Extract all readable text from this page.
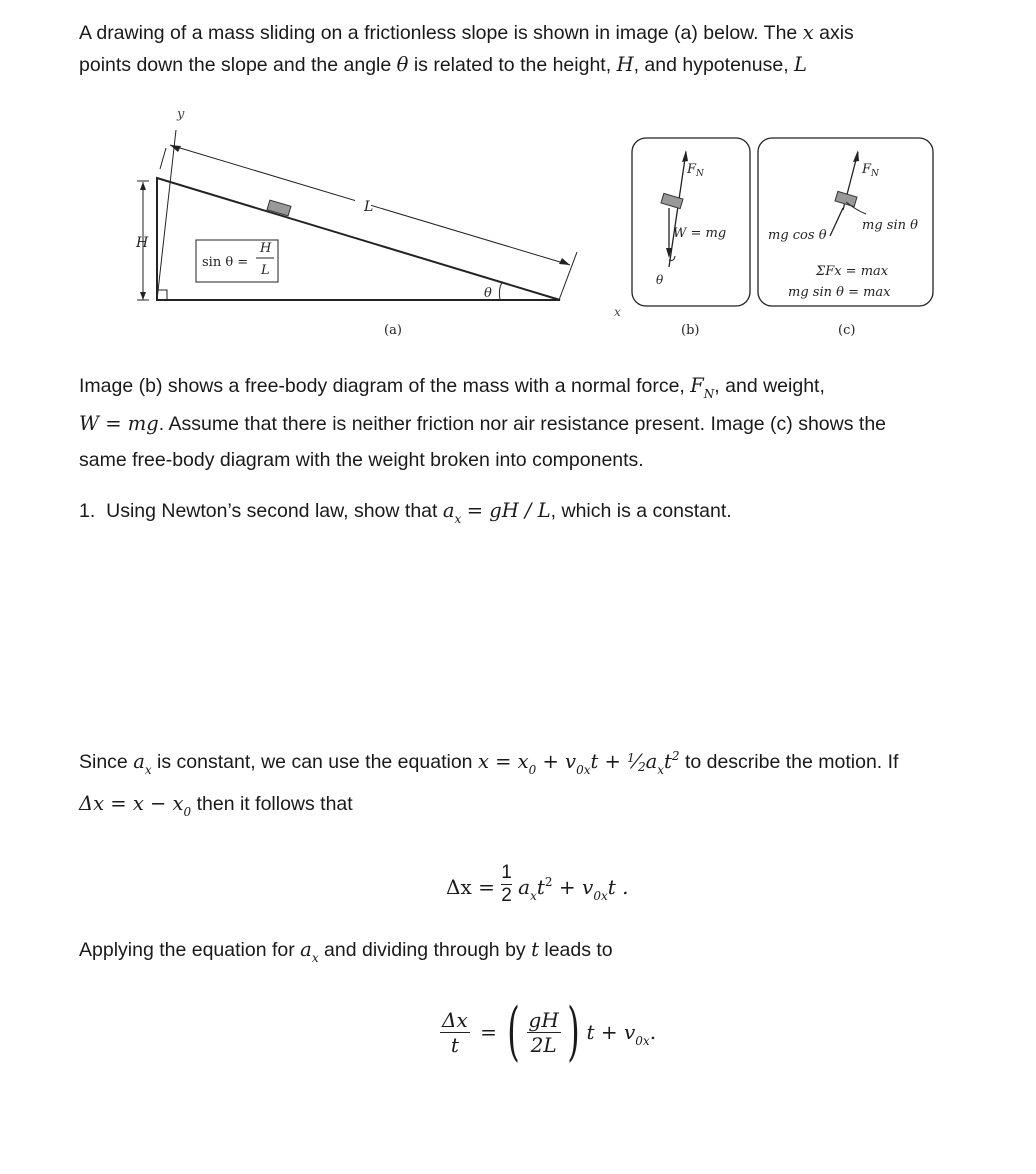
A drawing of a mass sliding on a frictionless slope is shown in image (a) below. The x axis
points down the slope and the angle θ is related to the height, H, and hypotenuse, L
y
L
H
sin θ =
H
L
θ
x
(a)
$F_N$
W = mg
θ
(b)
$F_N$
mg cos θ
mg sin θ
ΣFx = max
mg sin θ = max
(c)
Image (b) shows a free-body diagram of the mass with a normal force, $F_N$, and weight,
W = mg. Assume that there is neither friction nor air resistance present. Image (c) shows the
same free-body diagram with the weight broken into components.
1. Using Newton’s second law, show that $a_x$ = gH / L, which is a constant.
Since $a_x$ is constant, we can use the equation $x = x_0 + v_{0x}t$ + $^1⁄2a_xt^2$ to describe the motion. If
$\Delta x = x - x_0$ then it follows that
$\Delta x = \frac{1}{2} a_xt^2 + v_{0x}t$ .
Applying the equation for $a_x$ and dividing through by t leads to
$\frac{\Delta x}{t}$ = ( $\frac{gH}{2L}$ ) $t + v_{0x}$.
